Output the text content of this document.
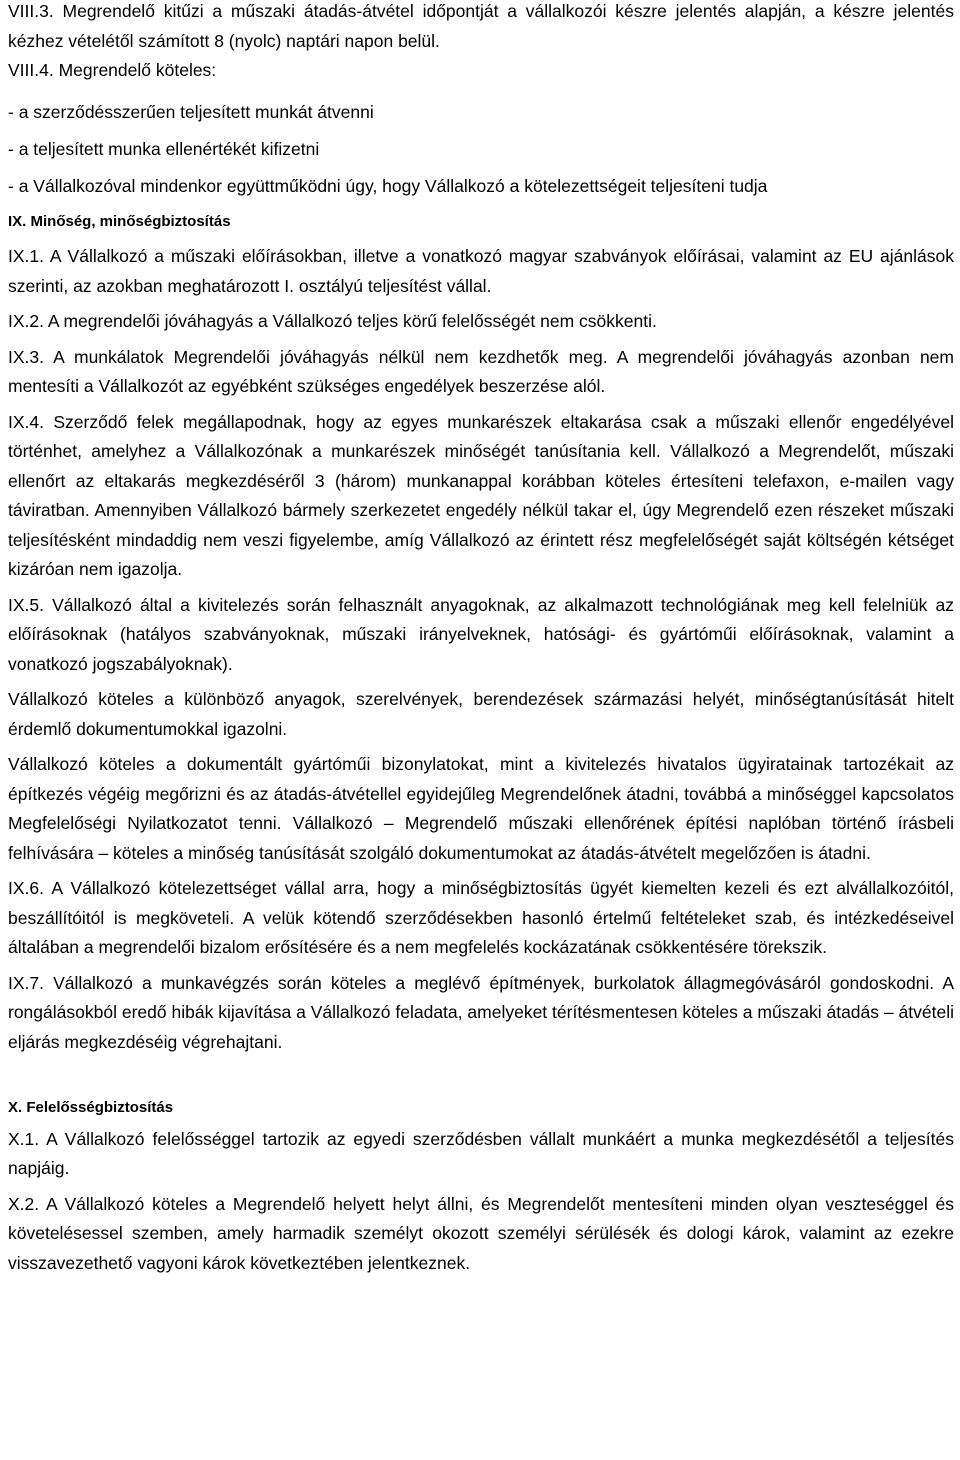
VIII.3. Megrendelő kitűzi a műszaki átadás-átvétel időpontját a vállalkozói készre jelentés alapján, a készre jelentés kézhez vételétől számított 8 (nyolc) naptári napon belül.

VIII.4. Megrendelő köteles:

- a szerződésszerűen teljesített munkát átvenni

- a teljesített munka ellenértékét kifizetni

- a Vállalkozóval mindenkor együttműködni úgy, hogy Vállalkozó a kötelezettségeit teljesíteni tudja

IX. Minőség, minőségbiztosítás

IX.1. A Vállalkozó a műszaki előírásokban, illetve a vonatkozó magyar szabványok előírásai, valamint az EU ajánlások szerinti, az azokban meghatározott I. osztályú teljesítést vállal.

IX.2. A megrendelői jóváhagyás a Vállalkozó teljes körű felelősségét nem csökkenti.

IX.3. A munkálatok Megrendelői jóváhagyás nélkül nem kezdhetők meg. A megrendelői jóváhagyás azonban nem mentesíti a Vállalkozót az egyébként szükséges engedélyek beszerzése alól.

IX.4. Szerződő felek megállapodnak, hogy az egyes munkarészek eltakarása csak a műszaki ellenőr engedélyével történhet, amelyhez a Vállalkozónak a munkarészek minőségét tanúsítania kell. Vállalkozó a Megrendelőt, műszaki ellenőrt az eltakarás megkezdéséről 3 (három) munkanappal korábban köteles értesíteni telefaxon, e-mailen vagy táviratban. Amennyiben Vállalkozó bármely szerkezetet engedély nélkül takar el, úgy Megrendelő ezen részeket műszaki teljesítésként mindaddig nem veszi figyelembe, amíg Vállalkozó az érintett rész megfelelőségét saját költségén kétséget kizáróan nem igazolja.

IX.5. Vállalkozó által a kivitelezés során felhasznált anyagoknak, az alkalmazott technológiának meg kell felelniük az előírásoknak (hatályos szabványoknak, műszaki irányelveknek, hatósági- és gyártóműi előírásoknak, valamint a vonatkozó jogszabályoknak).

Vállalkozó köteles a különböző anyagok, szerelvények, berendezések származási helyét, minőségtanúsítását hitelt érdemlő dokumentumokkal igazolni.

Vállalkozó köteles a dokumentált gyártóműi bizonylatokat, mint a kivitelezés hivatalos ügyiratainak tartozékait az építkezés végéig megőrizni és az átadás-átvétellel egyidejűleg Megrendelőnek átadni, továbbá a minőséggel kapcsolatos Megfelelőségi Nyilatkozatot tenni. Vállalkozó – Megrendelő műszaki ellenőrének építési naplóban történő írásbeli felhívására – köteles a minőség tanúsítását szolgáló dokumentumokat az átadás-átvételt megelőzően is átadni.

IX.6. A Vállalkozó kötelezettséget vállal arra, hogy a minőségbiztosítás ügyét kiemelten kezeli és ezt alvállalkozóitól, beszállítóitól is megköveteli. A velük kötendő szerződésekben hasonló értelmű feltételeket szab, és intézkedéseivel általában a megrendelői bizalom erősítésére és a nem megfelelés kockázatának csökkentésére törekszik.

IX.7. Vállalkozó a munkavégzés során köteles a meglévő építmények, burkolatok állagmegóvásáról gondoskodni. A rongálásokból eredő hibák kijavítása a Vállalkozó feladata, amelyeket térítésmentesen köteles a műszaki átadás – átvételi eljárás megkezdéséig végrehajtani.

X. Felelősségbiztosítás

X.1. A Vállalkozó felelősséggel tartozik az egyedi szerződésben vállalt munkáért a munka megkezdésétől a teljesítés napjáig.

X.2. A Vállalkozó köteles a Megrendelő helyett helyt állni, és Megrendelőt mentesíteni minden olyan veszteséggel és követelésessel szemben, amely harmadik személyt okozott személyi sérülésék és dologi károk, valamint az ezekre visszavezethető vagyoni károk következtében jelentkeznek.
